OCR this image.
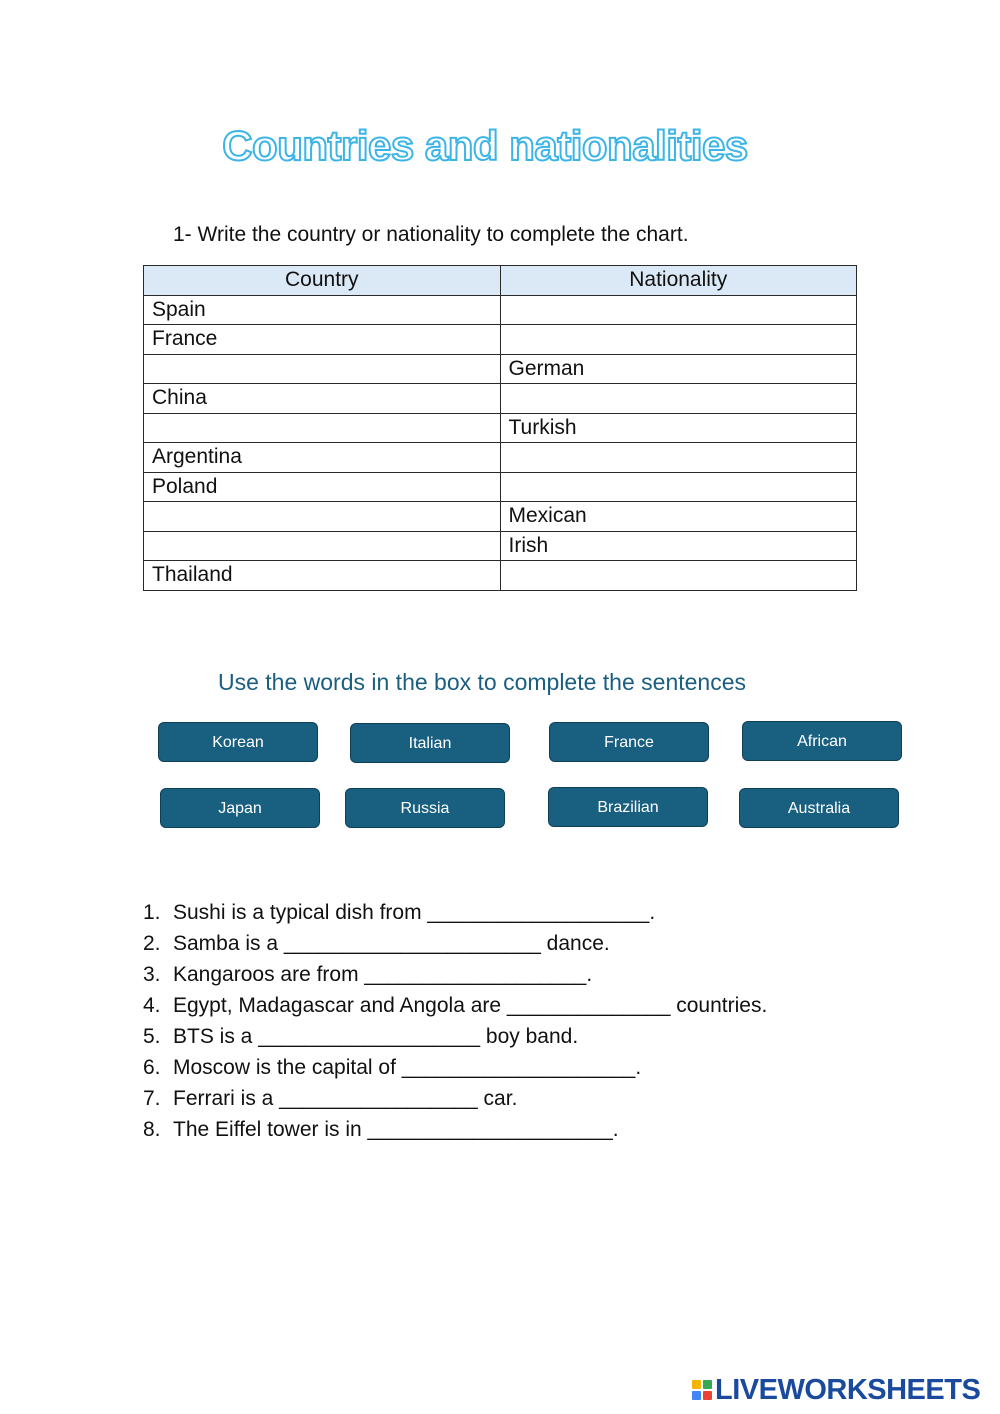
Countries and nationalities
1- Write the country or nationality to complete the chart.
Country	Nationality
Spain	
France	
	German
China	
	Turkish
Argentina	
Poland	
	Mexican
	Irish
Thailand	
Use the words in the box to complete the sentences
Korean	Italian	France	African
Japan	Russia	Brazilian	Australia
1. Sushi is a typical dish from ___________________.
2. Samba is a ______________________ dance.
3. Kangaroos are from ___________________.
4. Egypt, Madagascar and Angola are ______________ countries.
5. BTS is a ___________________ boy band.
6. Moscow is the capital of ____________________.
7. Ferrari is a _________________ car.
8. The Eiffel tower is in _____________________.
LIVEWORKSHEETS
